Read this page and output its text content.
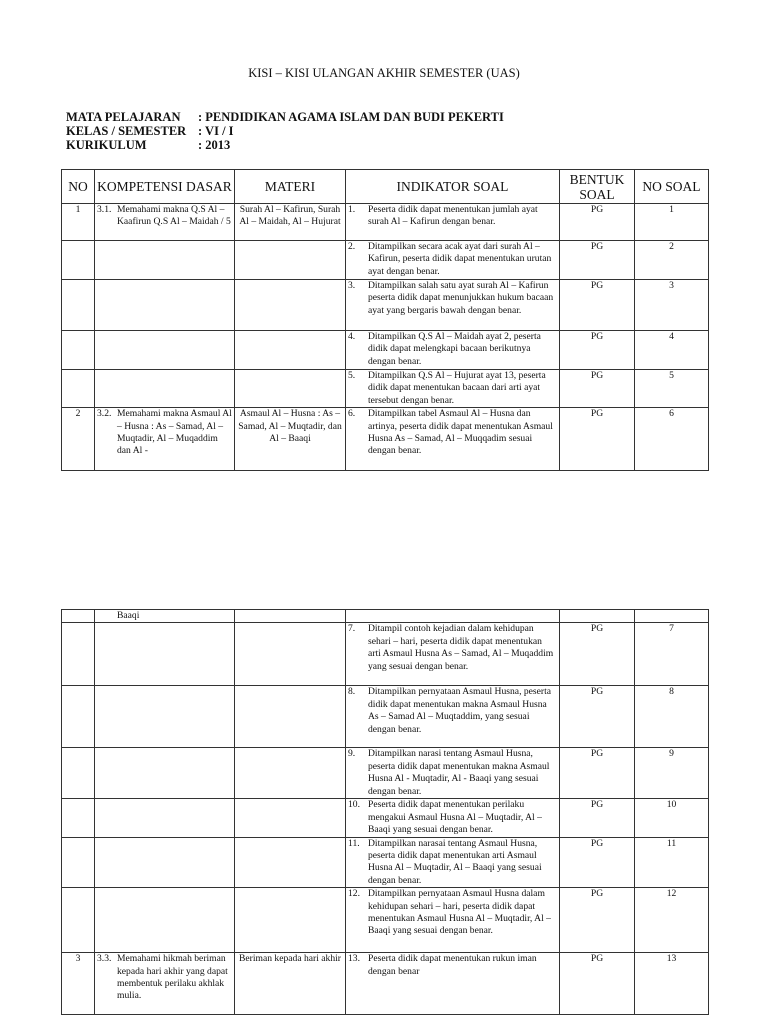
KISI – KISI ULANGAN AKHIR SEMESTER (UAS)
MATA PELAJARAN	: PENDIDIKAN AGAMA ISLAM DAN BUDI PEKERTI
KELAS / SEMESTER : VI / I
KURIKULUM	: 2013
NO	KOMPETENSI DASAR	MATERI	INDIKATOR SOAL	BENTUK SOAL	NO SOAL
1	3.1. Memahami makna Q.S Al – Kaafirun Q.S Al – Maidah / 5	Surah Al – Kafirun, Surah Al – Maidah, Al – Hujurat	1. Peserta didik dapat menentukan jumlah ayat surah Al – Kafirun dengan benar.	PG	1

			2. Ditampilkan secara acak ayat dari surah Al – Kafirun, peserta didik dapat menentukan urutan ayat dengan benar.	PG	2

			3. Ditampilkan salah satu ayat surah Al – Kafirun peserta didik dapat menunjukkan hukum bacaan ayat yang bergaris bawah dengan benar.	PG	3

			4. Ditampilkan Q.S Al – Maidah ayat 2, peserta didik dapat melengkapi bacaan berikutnya dengan benar.	PG	4

			5. Ditampilkan Q.S Al – Hujurat ayat 13, peserta didik dapat menentukan bacaan dari arti ayat tersebut dengan benar.	PG	5
2	3.2. Memahami makna Asmaul Al – Husna : As – Samad, Al – Muqtadir, Al – Muqaddim dan Al -	Asmaul Al – Husna : As – Samad, Al – Muqtadir, dan Al – Baaqi	6. Ditampilkan tabel Asmaul Al – Husna dan artinya, peserta didik dapat menentukan Asmaul Husna As – Samad, Al – Muqqadim sesuai dengan benar.	PG	6

	Baaqi				

			7. Ditampil contoh kejadian dalam kehidupan sehari – hari, peserta didik dapat menentukan arti Asmaul Husna As – Samad, Al – Muqaddim yang sesuai dengan benar.	PG	7

			8. Ditampilkan pernyataan Asmaul Husna, peserta didik dapat menentukan makna Asmaul Husna As – Samad Al – Muqtaddim, yang sesuai dengan benar.	PG	8

			9. Ditampilkan narasi tentang Asmaul Husna, peserta didik dapat menentukan makna Asmaul Husna Al - Muqtadir, Al - Baaqi yang sesuai dengan benar.	PG	9

			10. Peserta didik dapat menentukan perilaku mengakui Asmaul Husna Al – Muqtadir, Al – Baaqi yang sesuai dengan benar.	PG	10

			11. Ditampilkan narasai tentang Asmaul Husna, peserta didik dapat menentukan arti Asmaul Husna Al – Muqtadir, Al – Baaqi yang sesuai dengan benar.	PG	11

			12. Ditampilkan pernyataan Asmaul Husna dalam kehidupan sehari – hari, peserta didik dapat menentukan Asmaul Husna Al – Muqtadir, Al – Baaqi yang sesuai dengan benar.	PG	12
3	3.3. Memahami hikmah beriman kepada hari akhir yang dapat membentuk perilaku akhlak mulia.	Beriman kepada hari akhir	13. Peserta didik dapat menentukan rukun iman dengan benar	PG	13
